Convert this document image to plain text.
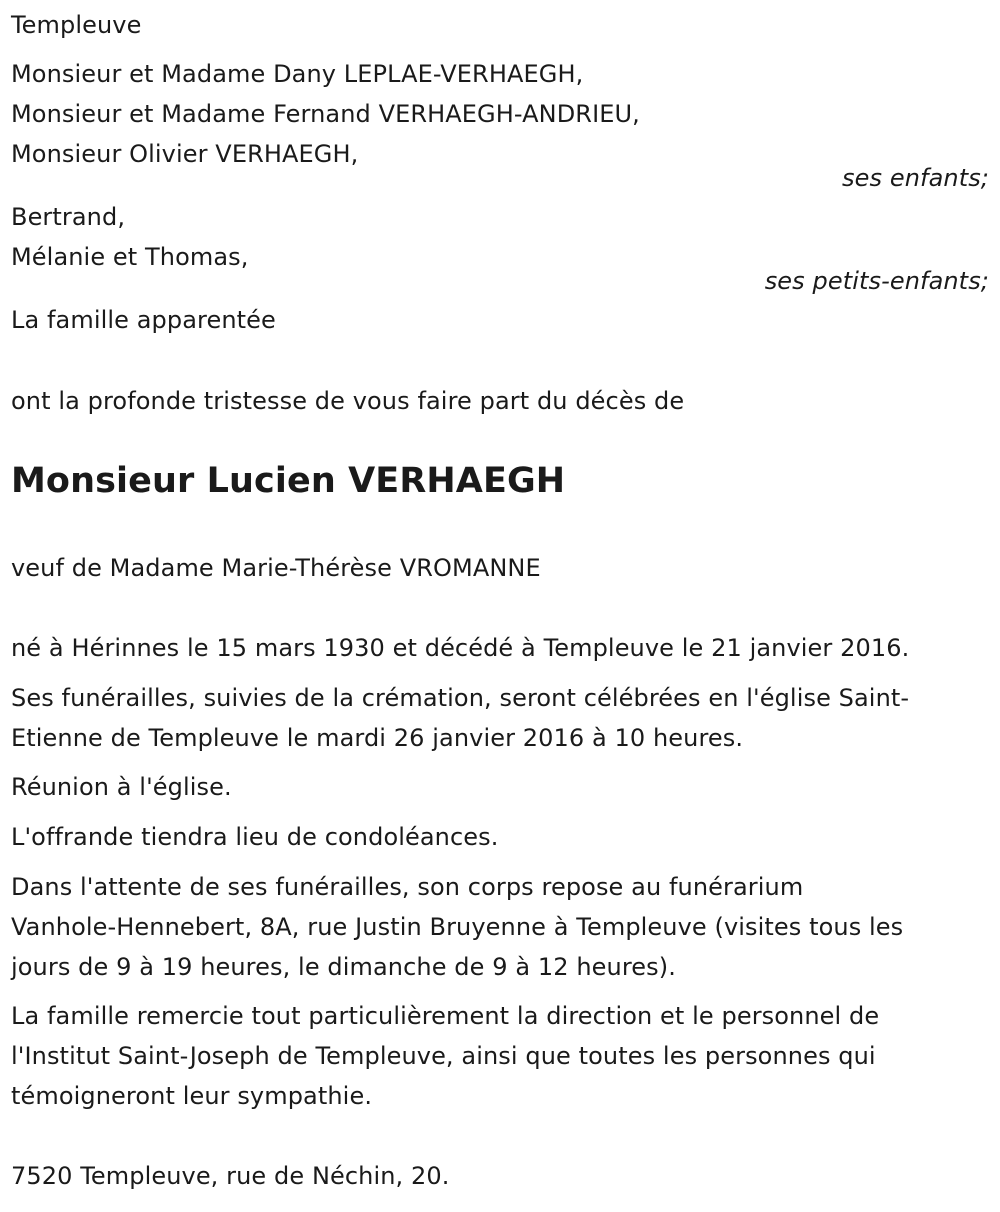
Templeuve
Monsieur et Madame Dany LEPLAE-VERHAEGH,
Monsieur et Madame Fernand VERHAEGH-ANDRIEU,
Monsieur Olivier VERHAEGH,
ses enfants;
Bertrand,
Mélanie et Thomas,
ses petits-enfants;
La famille apparentée
ont la profonde tristesse de vous faire part du décès de
Monsieur Lucien VERHAEGH
veuf de Madame Marie-Thérèse VROMANNE
né à Hérinnes le 15 mars 1930 et décédé à Templeuve le 21 janvier 2016.
Ses funérailles, suivies de la crémation, seront célébrées en l'église Saint-
Etienne de Templeuve le mardi 26 janvier 2016 à 10 heures.
Réunion à l'église.
L'offrande tiendra lieu de condoléances.
Dans l'attente de ses funérailles, son corps repose au funérarium
Vanhole-Hennebert, 8A, rue Justin Bruyenne à Templeuve (visites tous les
jours de 9 à 19 heures, le dimanche de 9 à 12 heures).
La famille remercie tout particulièrement la direction et le personnel de
l'Institut Saint-Joseph de Templeuve, ainsi que toutes les personnes qui
témoigneront leur sympathie.
7520 Templeuve, rue de Néchin, 20.
